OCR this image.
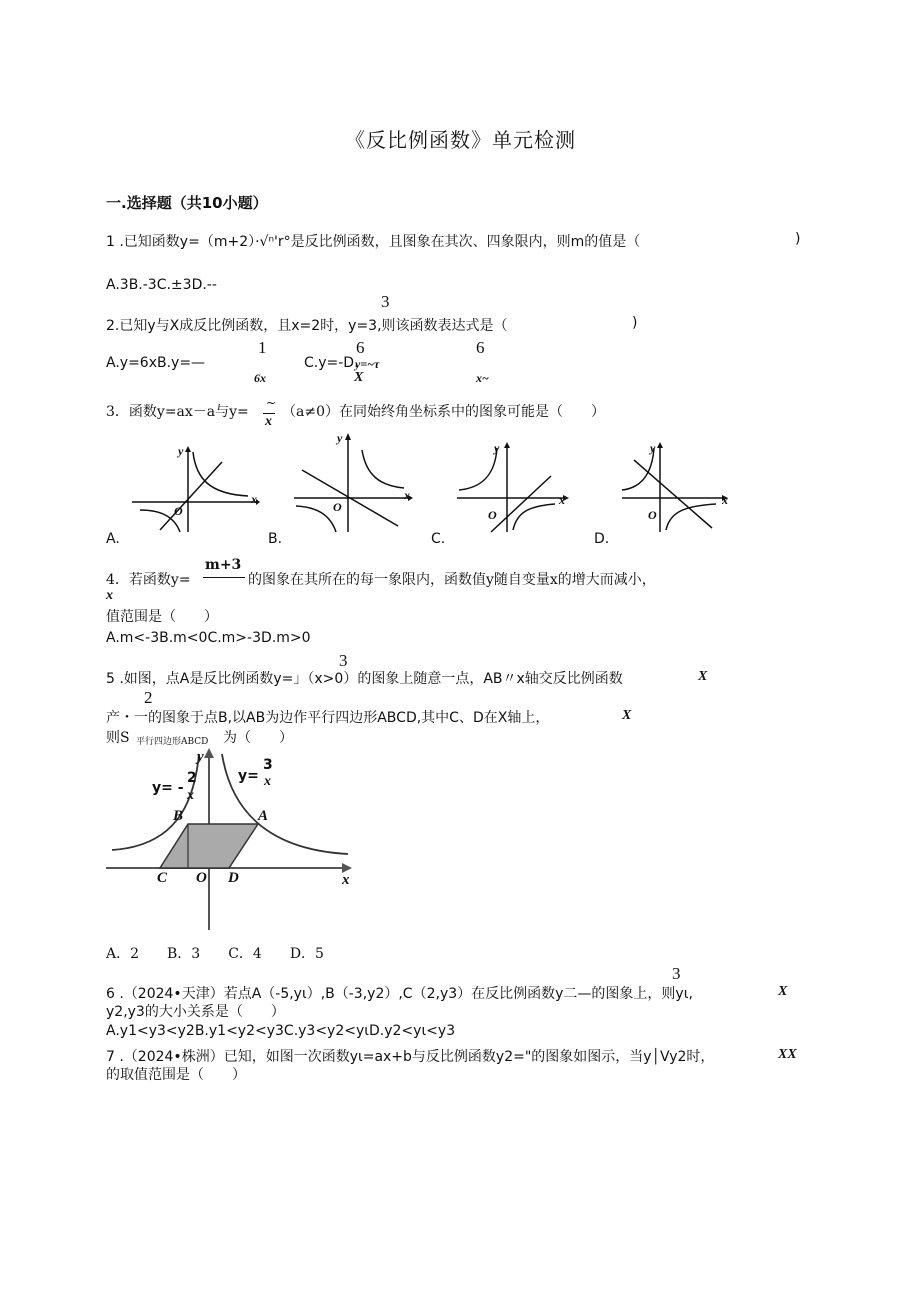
《反比例函数》单元检测
一.选择题（共10小题）
1 .已知函数y=（m+2）·√ⁿ'r°是反比例函数，且图象在其次、四象限内，则m的值是（	)
A.3B.-3C.±3D.--
3
2.已知y与X成反比例函数，且x=2时，y=3,则该函数表达式是（	)
1	6	6
A.y=6xB.y=—	C.y=-D.
y=~τ
6x	X	x~
3．函数y=ax－a与y=
~
x
（a≠0）在同始终角坐标系中的图象可能是（　　）
y
x
O
A.
y
x
O
B.
y
x
O
C.
y
x
O
D.
4．若函数y=
m+3
的图象在其所在的每一象限内，函数值y随自变量x的增大而减小，
x
值范围是（　　）
A.m<-3B.m<0C.m>-3D.m>0
3
5 .如图，点A是反比例函数y=」（x>0）的图象上随意一点，AB〃x轴交反比例函数	X
2
产・一的图象于点B,以AB为边作平行四边形ABCD,其中C、D在X轴上，	X
则S 平行四边形ABCD 为（　　）
y= -
2
x
y=
3
x
B	A
C O D	x
y
A．2　　B．3　　C．4　　D．5
3
6 .（2024•天津）若点A（-5,yι）,B（-3,y2）,C（2,y3）在反比例函数y二—的图象上，则yι,	X
y2,y3的大小关系是（　　）
A.y1<y3<y2B.y1<y2<y3C.y3<y2<yιD.y2<yι<y3
7 .（2024•株洲）已知，如图一次函数yι=ax+b与反比例函数y2="的图象如图示，当y│Vy2时，	XX
的取值范围是（　　）
